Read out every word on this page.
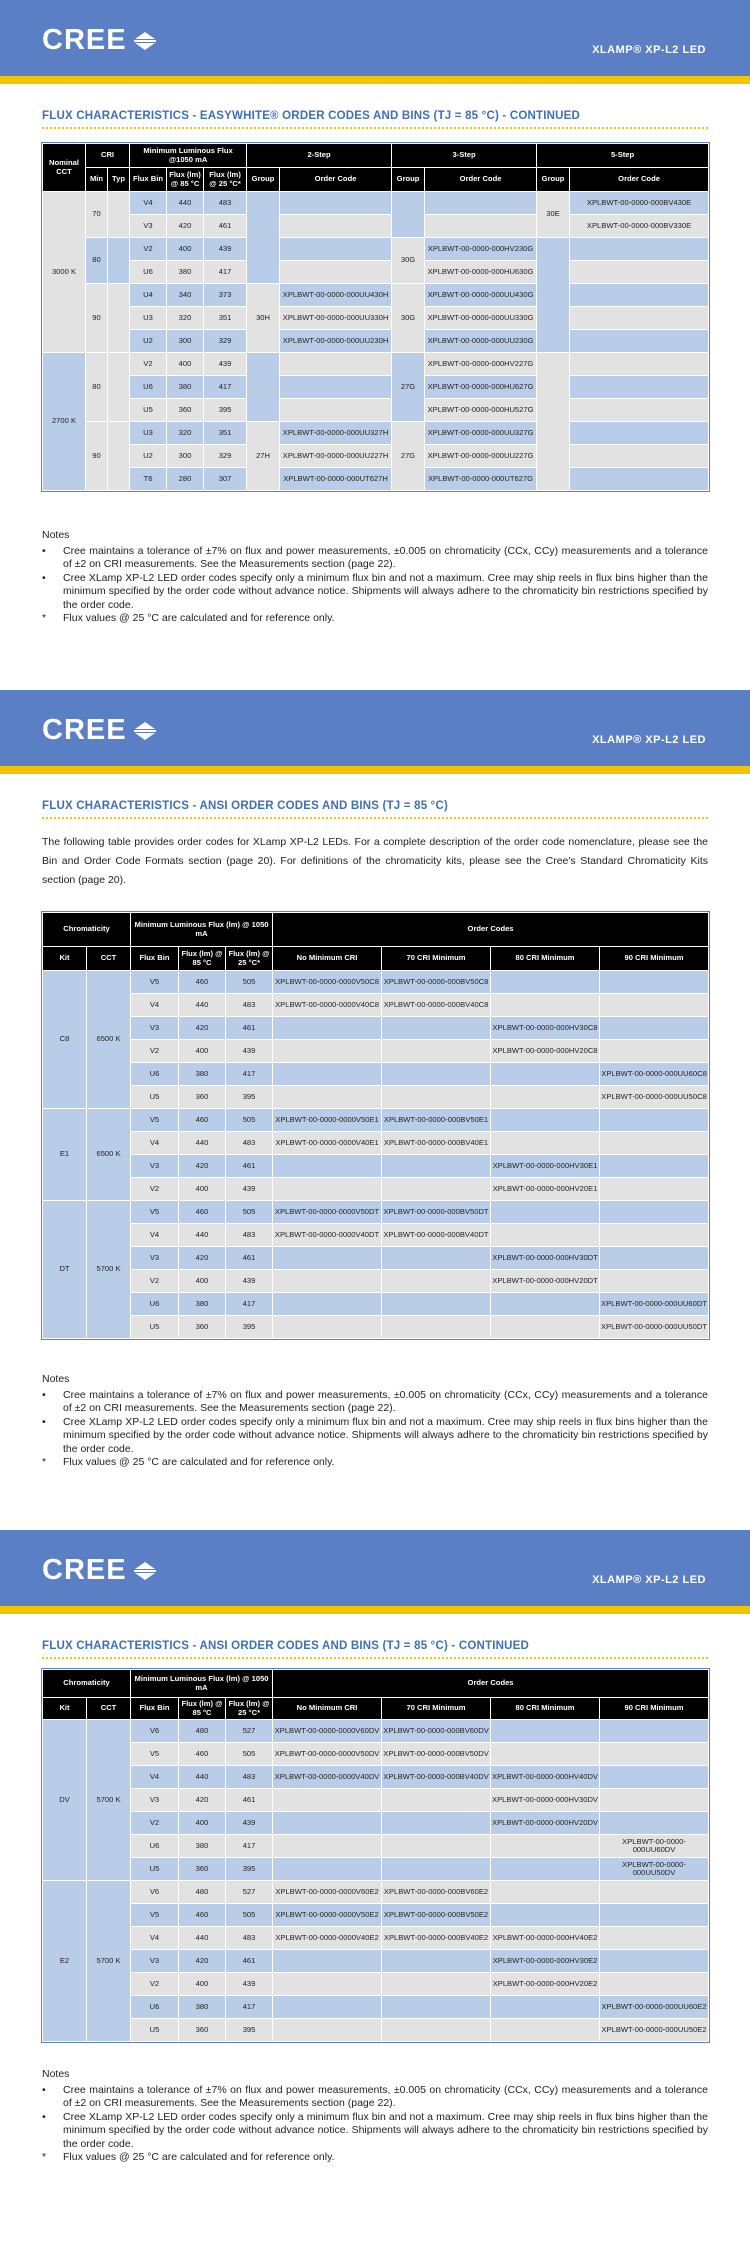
CREE	XLAMP® XP-L2 LED
FLUX CHARACTERISTICS - EASYWHITE® ORDER CODES AND BINS (TJ = 85 °C) - CONTINUED
Nominal CCT	CRI		Minimum Luminous Flux @1050 mA			2-Step		3-Step		5-Step	
	Min	Typ	Flux Bin	Flux (lm) @ 85 °C	Flux (lm) @ 25 °C*	Group	Order Code	Group	Order Code	Group	Order Code
3000 K	70		V4	440	483					30E	XPLBWT-00-0000-000BV430E
			V3	420	461						XPLBWT-00-0000-000BV330E
	80		V2	400	439			30G	XPLBWT-00-0000-000HV230G		
			U6	380	417				XPLBWT-00-0000-000HU630G		
	90		U4	340	373	30H	XPLBWT-00-0000-000UU430H	30G	XPLBWT-00-0000-000UU430G		
			U3	320	351		XPLBWT-00-0000-000UU330H		XPLBWT-00-0000-000UU330G		
			U2	300	329		XPLBWT-00-0000-000UU230H		XPLBWT-00-0000-000UU230G		
2700 K	80		V2	400	439			27G	XPLBWT-00-0000-000HV227G		
			U6	380	417				XPLBWT-00-0000-000HU627G		
			U5	360	395				XPLBWT-00-0000-000HU527G		
	90		U3	320	351	27H	XPLBWT-00-0000-000UU327H	27G	XPLBWT-00-0000-000UU327G		
			U2	300	329		XPLBWT-00-0000-000UU227H		XPLBWT-00-0000-000UU227G		
			T6	280	307		XPLBWT-00-0000-000UT627H		XPLBWT-00-0000-000UT627G		
Notes
•	Cree maintains a tolerance of ±7% on flux and power measurements, ±0.005 on chromaticity (CCx, CCy) measurements and a tolerance of ±2 on CRI measurements. See the Measurements section (page 22).
•	Cree XLamp XP-L2 LED order codes specify only a minimum flux bin and not a maximum. Cree may ship reels in flux bins higher than the minimum specified by the order code without advance notice. Shipments will always adhere to the chromaticity bin restrictions specified by the order code.
*	Flux values @ 25 °C are calculated and for reference only.
CREE	XLAMP® XP-L2 LED
FLUX CHARACTERISTICS - ANSI ORDER CODES AND BINS (TJ = 85 °C)
The following table provides order codes for XLamp XP-L2 LEDs. For a complete description of the order code nomenclature, please see the Bin and Order Code Formats section (page 20). For definitions of the chromaticity kits, please see the Cree's Standard Chromaticity Kits section (page 20).
Chromaticity		Minimum Luminous Flux (lm) @ 1050 mA			Order Codes			
Kit	CCT	Flux Bin	Flux (lm) @ 85 °C	Flux (lm) @ 25 °C*	No Minimum CRI	70 CRI Minimum	80 CRI Minimum	90 CRI Minimum
C8	6500 K	V5	460	505	XPLBWT-00-0000-0000V50C8	XPLBWT-00-0000-000BV50C8		
		V4	440	483	XPLBWT-00-0000-0000V40C8	XPLBWT-00-0000-000BV40C8		
		V3	420	461			XPLBWT-00-0000-000HV30C8	
		V2	400	439			XPLBWT-00-0000-000HV20C8	
		U6	380	417				XPLBWT-00-0000-000UU60C8
		U5	360	395				XPLBWT-00-0000-000UU50C8
E1	6500 K	V5	460	505	XPLBWT-00-0000-0000V50E1	XPLBWT-00-0000-000BV50E1		
		V4	440	483	XPLBWT-00-0000-0000V40E1	XPLBWT-00-0000-000BV40E1		
		V3	420	461			XPLBWT-00-0000-000HV30E1	
		V2	400	439			XPLBWT-00-0000-000HV20E1	
DT	5700 K	V5	460	505	XPLBWT-00-0000-0000V50DT	XPLBWT-00-0000-000BV50DT		
		V4	440	483	XPLBWT-00-0000-0000V40DT	XPLBWT-00-0000-000BV40DT		
		V3	420	461			XPLBWT-00-0000-000HV30DT	
		V2	400	439			XPLBWT-00-0000-000HV20DT	
		U6	380	417				XPLBWT-00-0000-000UU60DT
		U5	360	395				XPLBWT-00-0000-000UU50DT
Notes
•	Cree maintains a tolerance of ±7% on flux and power measurements, ±0.005 on chromaticity (CCx, CCy) measurements and a tolerance of ±2 on CRI measurements. See the Measurements section (page 22).
•	Cree XLamp XP-L2 LED order codes specify only a minimum flux bin and not a maximum. Cree may ship reels in flux bins higher than the minimum specified by the order code without advance notice. Shipments will always adhere to the chromaticity bin restrictions specified by the order code.
*	Flux values @ 25 °C are calculated and for reference only.
CREE	XLAMP® XP-L2 LED
FLUX CHARACTERISTICS - ANSI ORDER CODES AND BINS (TJ = 85 °C) - CONTINUED
Chromaticity		Minimum Luminous Flux (lm) @ 1050 mA			Order Codes			
Kit	CCT	Flux Bin	Flux (lm) @ 85 °C	Flux (lm) @ 25 °C*	No Minimum CRI	70 CRI Minimum	80 CRI Minimum	90 CRI Minimum
DV	5700 K	V6	480	527	XPLBWT-00-0000-0000V60DV	XPLBWT-00-0000-000BV60DV		
		V5	460	505	XPLBWT-00-0000-0000V50DV	XPLBWT-00-0000-000BV50DV		
		V4	440	483	XPLBWT-00-0000-0000V40DV	XPLBWT-00-0000-000BV40DV	XPLBWT-00-0000-000HV40DV	
		V3	420	461			XPLBWT-00-0000-000HV30DV	
		V2	400	439			XPLBWT-00-0000-000HV20DV	
		U6	380	417				XPLBWT-00-0000-000UU60DV
		U5	360	395				XPLBWT-00-0000-000UU50DV
E2	5700 K	V6	480	527	XPLBWT-00-0000-0000V60E2	XPLBWT-00-0000-000BV60E2		
		V5	460	505	XPLBWT-00-0000-0000V50E2	XPLBWT-00-0000-000BV50E2		
		V4	440	483	XPLBWT-00-0000-0000V40E2	XPLBWT-00-0000-000BV40E2	XPLBWT-00-0000-000HV40E2	
		V3	420	461			XPLBWT-00-0000-000HV30E2	
		V2	400	439			XPLBWT-00-0000-000HV20E2	
		U6	380	417				XPLBWT-00-0000-000UU60E2
		U5	360	395				XPLBWT-00-0000-000UU50E2
Notes
•	Cree maintains a tolerance of ±7% on flux and power measurements, ±0.005 on chromaticity (CCx, CCy) measurements and a tolerance of ±2 on CRI measurements. See the Measurements section (page 22).
•	Cree XLamp XP-L2 LED order codes specify only a minimum flux bin and not a maximum. Cree may ship reels in flux bins higher than the minimum specified by the order code without advance notice. Shipments will always adhere to the chromaticity bin restrictions specified by the order code.
*	Flux values @ 25 °C are calculated and for reference only.
